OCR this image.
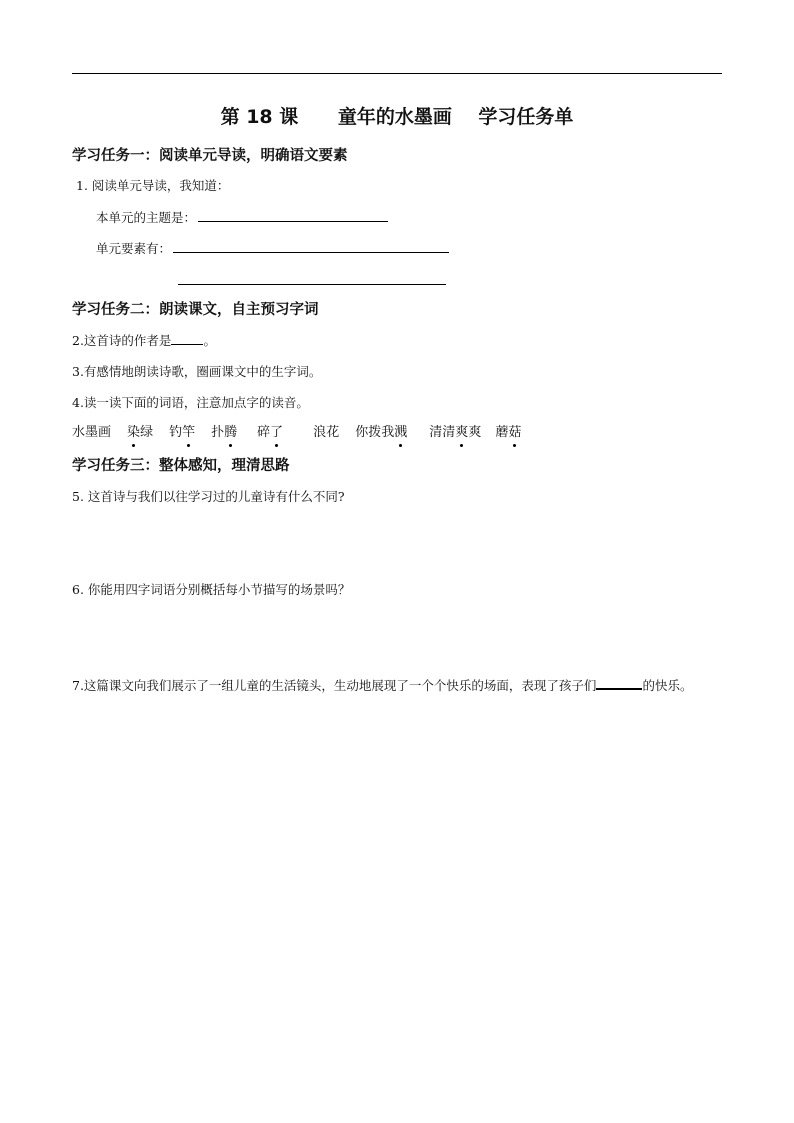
第 18 课      童年的水墨画    学习任务单
学习任务一：阅读单元导读，明确语文要素
1. 阅读单元导读，我知道：
本单元的主题是：
单元要素有：
学习任务二：朗读课文，自主预习字词
2.这首诗的作者是	。
3.有感情地朗读诗歌，圈画课文中的生字词。
4.读一读下面的词语，注意加点字的读音。
水墨画 染绿 钓竿 扑腾 碎了 浪花 你拨我溅 清清爽爽 蘑菇
学习任务三：整体感知，理清思路
5. 这首诗与我们以往学习过的儿童诗有什么不同?
6. 你能用四字词语分别概括每小节描写的场景吗？
7.这篇课文向我们展示了一组儿童的生活镜头，生动地展现了一个个快乐的场面，表现了孩子们	的快乐。
